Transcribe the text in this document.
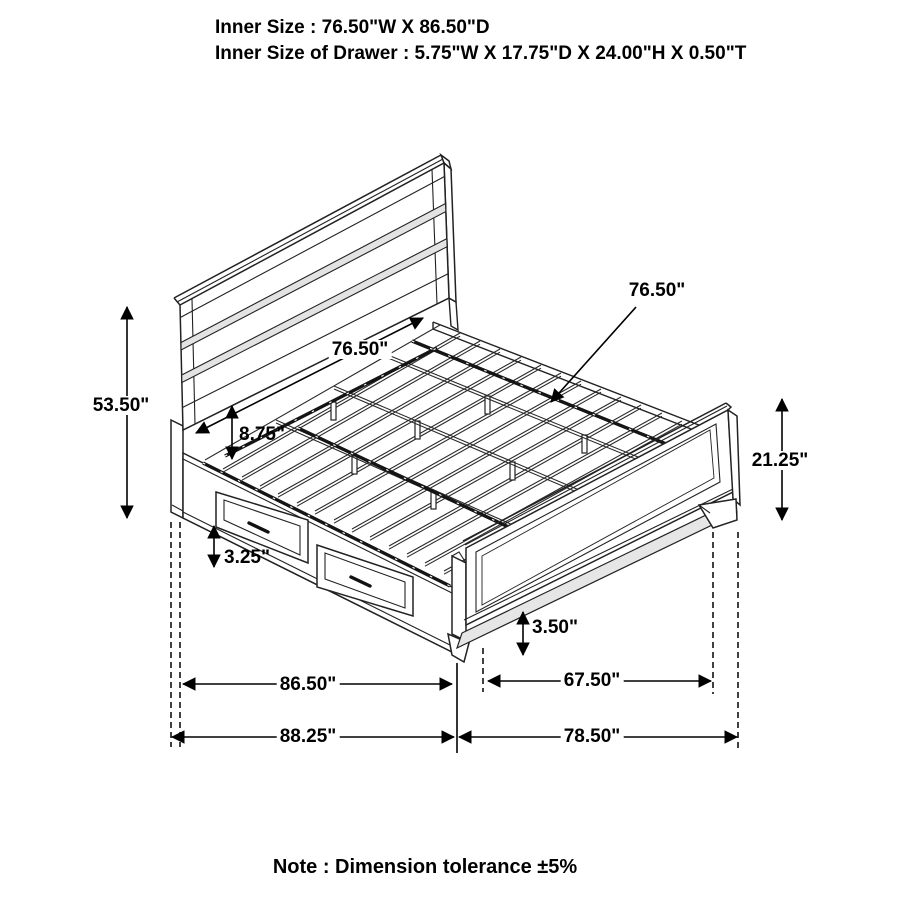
Inner Size : 76.50"W X 86.50"D
Inner Size of Drawer : 5.75"W X 17.75"D X 24.00"H X 0.50"T
53.50"
76.50"
76.50"
8.75"
3.25"
21.25"
3.50"
86.50"	67.50"
88.25"	78.50"
Note : Dimension tolerance ±5%
